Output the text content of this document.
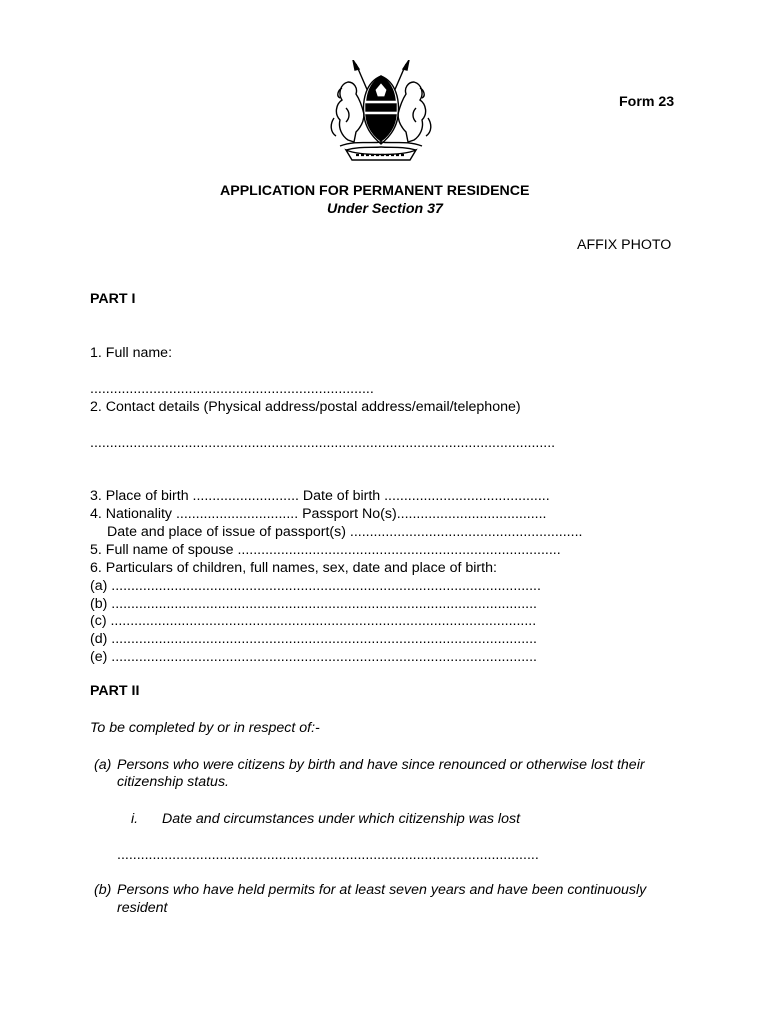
Form 23
APPLICATION FOR PERMANENT RESIDENCE
Under Section 37
AFFIX PHOTO
PART I
1. Full name:
........................................................................
2. Contact details (Physical address/postal address/email/telephone)
......................................................................................................................
3. Place of birth ........................... Date of birth ..........................................
4. Nationality ............................... Passport No(s)......................................
Date and place of issue of passport(s) ...........................................................
5. Full name of spouse ..................................................................................
6. Particulars of children, full names, sex, date and place of birth:
(a) .............................................................................................................
(b) ............................................................................................................
(c) ............................................................................................................
(d) ............................................................................................................
(e) ............................................................................................................
PART II
To be completed by or in respect of:-
(a) Persons who were citizens by birth and have since renounced or otherwise lost their
citizenship status.
i. Date and circumstances under which citizenship was lost
...........................................................................................................
(b) Persons who have held permits for at least seven years and have been continuously
resident
